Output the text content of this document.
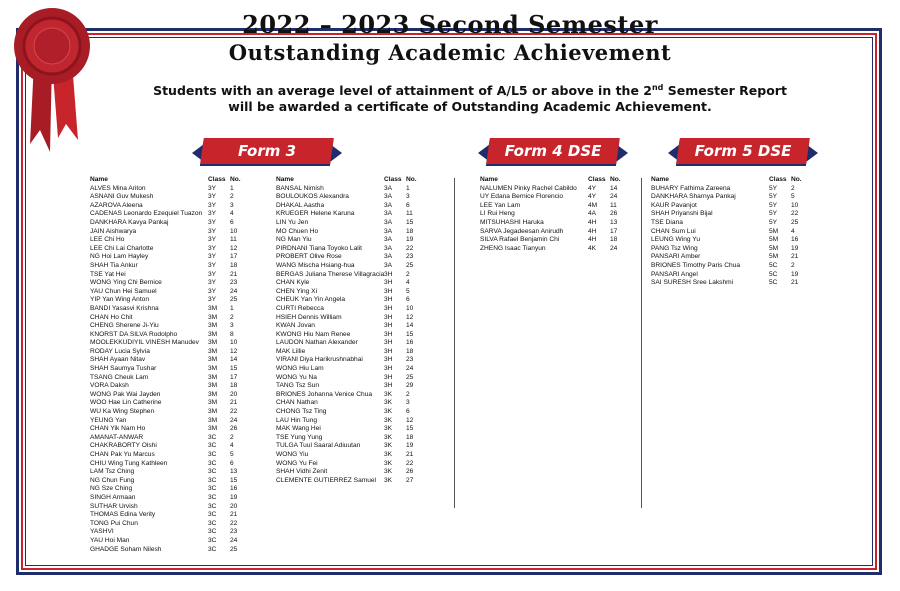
2022 – 2023 Second Semester
Outstanding Academic Achievement
Students with an average level of attainment of A/L5 or above in the 2nd Semester Report
will be awarded a certificate of Outstanding Academic Achievement.
Form 3	Form 4 DSE	Form 5 DSE
Name	Class No.
ALVES Mina Ariton	3Y	1
ASNANI Guv Mukesh	3Y	2
AZAROVA Aleena	3Y	3
CADENAS Leonardo Ezequiel Tuazon 3Y	4
DANKHARA Kavya Pankaj	3Y	6
JAIN Aishwarya	3Y	10
LEE Chi Ho	3Y	11
LEE Chi Lai Charlotte	3Y	12
NG Hoi Lam Hayley	3Y	17
SHAH Tia Ankur	3Y	18
TSE Yat Hei	3Y	21
WONG Ying Chi Bernice	3Y	23
YAU Chun Hei Samuel	3Y	24
YIP Yan Wing Anton	3Y	25
BANDI Yasasvi Krishna	3M	1
CHAN Ho Chit	3M	2
CHENG Sherene Ji-Yiu	3M	3
KNORST DA SILVA Rodolpho	3M	8
MOOLEKKUDIYIL VINESH Manudev	3M	10
RODAY Lucia Sylvia	3M	12
SHAH Ayaan Nitav	3M	14
SHAH Saumya Tushar	3M	15
TSANG Cheuk Lam	3M	17
VORA Daksh	3M	18
WONG Pak Wai Jayden	3M	20
WOO Hae Lin Catherine	3M	21
WU Ka Wing Stephen	3M	22
YEUNG Yan	3M	24
CHAN Yik Nam Ho	3M	26
AMANAT-ANWAR	3C	2
CHAKRABORTY Olshi	3C	4
CHAN Pak Yu Marcus	3C	5
CHIU Wing Tung Kathleen	3C	6
LAM Tsz Ching	3C	13
NG Chun Fung	3C	15
NG Sze Ching	3C	16
SINGH Armaan	3C	19
SUTHAR Urvish	3C	20
THOMAS Edina Verity	3C	21
TONG Pui Chun	3C	22
YASHVI	3C	23
YAU Hoi Man	3C	24
GHADGE Soham Nilesh	3C	25
Name	Class No.
BANSAL Nimish	3A	1
BOULOUKOS Alexandra	3A	3
DHAKAL Aastha	3A	6
KRUEGER Helene Karuna	3A	11
LIN Yu Jen	3A	15
MO Chuen Ho	3A	18
NG Man Yiu	3A	19
PIRDNANI Tiana Toyoko Lalit	3A	22
PROBERT Olive Rose	3A	23
WANG Mischa Hsiang-hua	3A	25
BERGAS Juliana Therese Villagracia 3H	2
CHAN Kyle	3H	4
CHEN Ying Xi	3H	5
CHEUK Yan Yin Angela	3H	6
CURTI Rebecca	3H	10
HSIEH Dennis William	3H	12
KWAN Jovan	3H	14
KWONG Hiu Nam Renee	3H	15
LAUDON Nathan Alexander	3H	16
MAK Lillie	3H	18
VIRANI Diya Harikrushnabhai	3H	23
WONG Hiu Lam	3H	24
WONG Yu Na	3H	25
TANG Tsz Sun	3H	29
BRIONES Johanna Venice Chua	3K	2
CHAN Nathan	3K	3
CHONG Tsz Ting	3K	6
LAU Hin Tung	3K	12
MAK Wang Hei	3K	15
TSE Yung Yung	3K	18
TULGA Tuul Saaral Adiuutan	3K	19
WONG Yiu	3K	21
WONG Yu Fei	3K	22
SHAH Vidhi Zenit	3K	26
CLEMENTE GUTIERREZ Samuel	3K	27
Name	Class No.
NALUMEN Pinky Rachel Cabildo	4Y	14
UY Edana Bernice Florencio	4Y	24
LEE Yan Lam	4M	11
LI Rui Heng	4A	26
MITSUHASHI Haruka	4H	13
SARVA Jegadeesan Anirudh	4H	17
SILVA Rafael Benjamin Chi	4H	18
ZHENG Isaac Tianyun	4K	24
Name	Class No.
BUHARY Fathima Zareena	5Y	2
DANKHARA Sharnya Pankaj	5Y	5
KAUR Pavanjot	5Y	10
SHAH Priyanshi Bijal	5Y	22
TSE Diana	5Y	25
CHAN Sum Lui	5M	4
LEUNG Wing Yu	5M	16
PANG Tsz Wing	5M	19
PANSARI Amber	5M	21
BRIONES Timothy Paris Chua	5C	2
PANSARI Angel	5C	19
SAI SURESH Sree Lakshmi	5C	21
